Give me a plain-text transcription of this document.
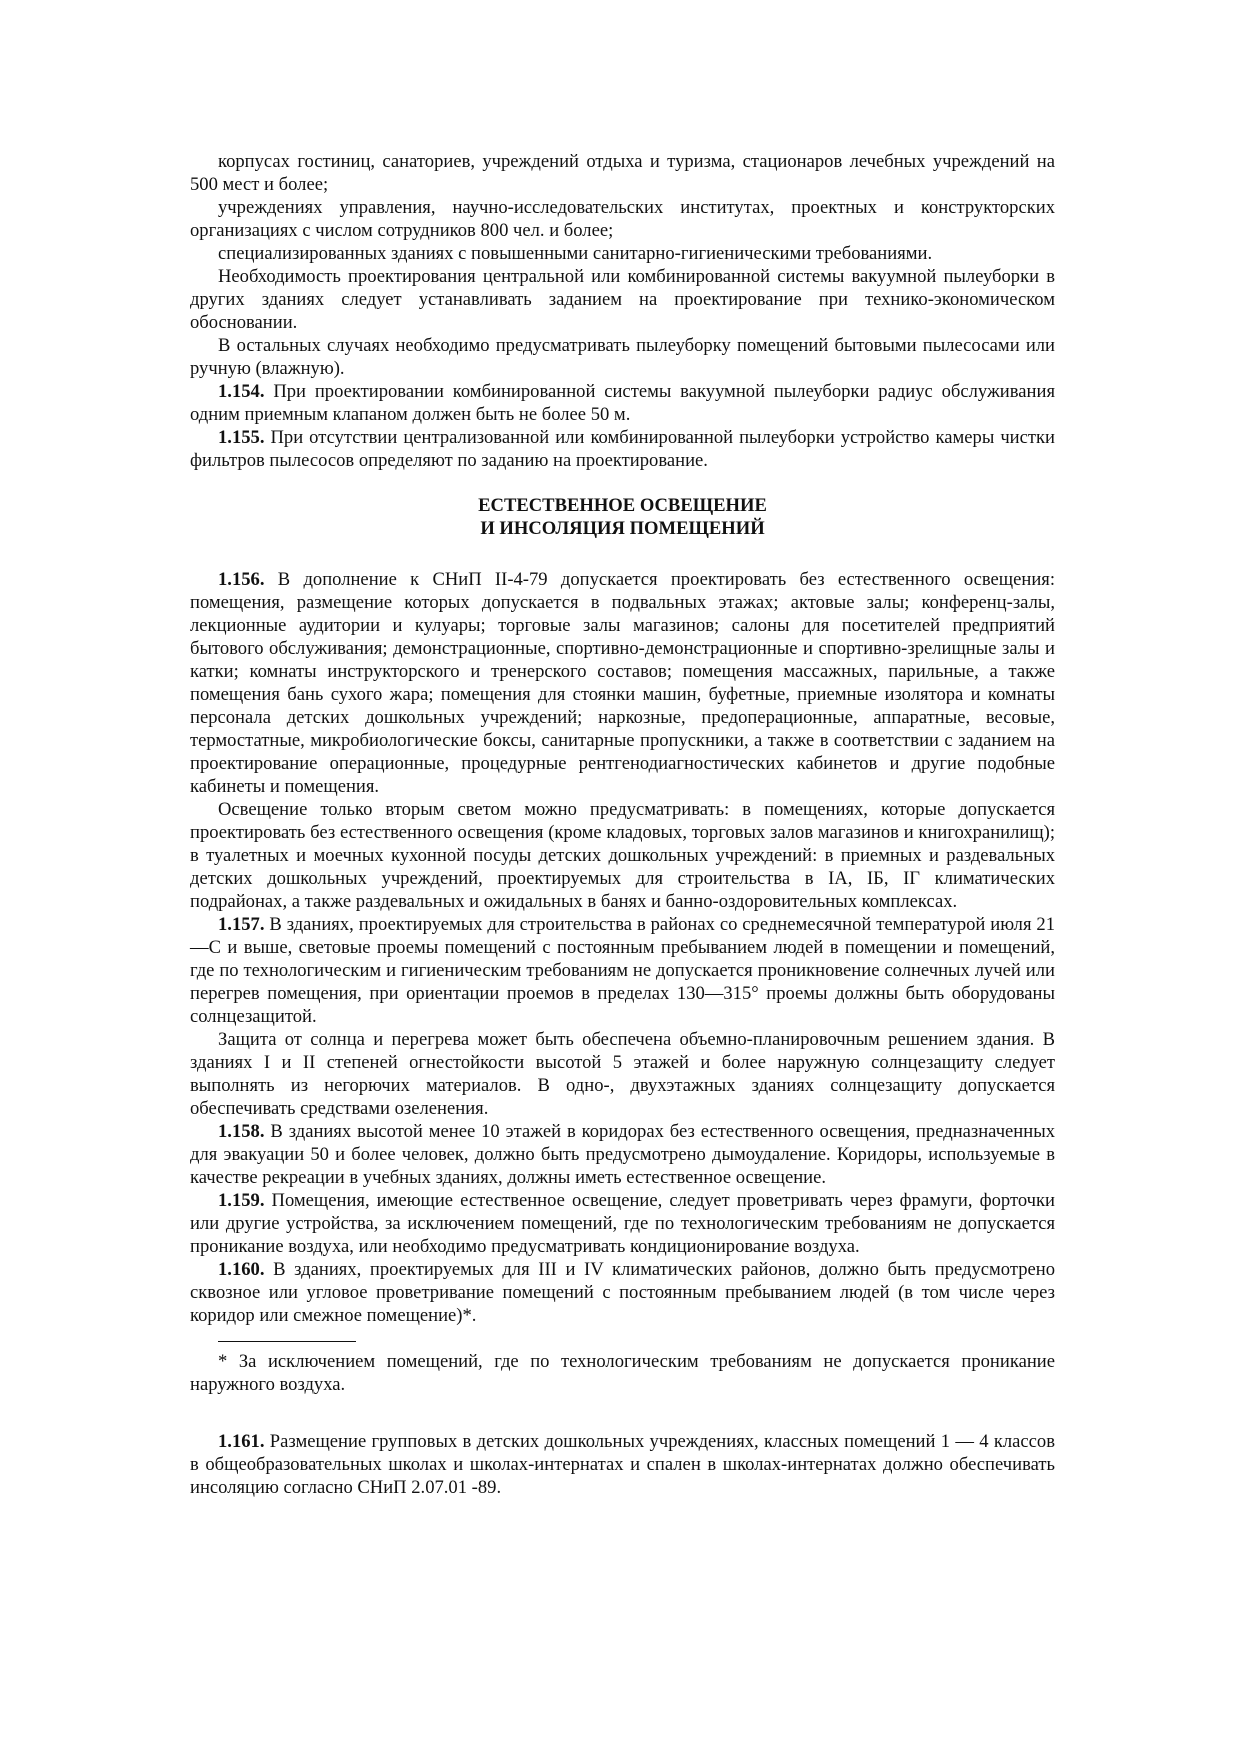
корпусах гостиниц, санаториев, учреждений отдыха и туризма, стационаров лечебных учреждений на 500 мест и более;

учреждениях управления, научно-исследовательских институтах, проектных и конструкторских организациях с числом сотрудников 800 чел. и более;

специализированных зданиях с повышенными санитарно-гигиеническими требованиями.

Необходимость проектирования центральной или комбинированной системы вакуумной пылеуборки в других зданиях следует устанавливать заданием на проектирование при технико-экономическом обосновании.

В остальных случаях необходимо предусматривать пылеуборку помещений бытовыми пылесосами или ручную (влажную).

1.154. При проектировании комбинированной системы вакуумной пылеуборки радиус обслуживания одним приемным клапаном должен быть не более 50 м.

1.155. При отсутствии централизованной или комбинированной пылеуборки устройство камеры чистки фильтров пылесосов определяют по заданию на проектирование.

ЕСТЕСТВЕННОЕ ОСВЕЩЕНИЕ
И ИНСОЛЯЦИЯ ПОМЕЩЕНИЙ

1.156. В дополнение к СНиП II-4-79 допускается проектировать без естественного освещения: помещения, размещение которых допускается в подвальных этажах; актовые залы; конференц-залы, лекционные аудитории и кулуары; торговые залы магазинов; салоны для посетителей предприятий бытового обслуживания; демонстрационные, спортивно-демонстрационные и спортивно-зрелищные залы и катки; комнаты инструкторского и тренерского составов; помещения массажных, парильные, а также помещения бань сухого жара; помещения для стоянки машин, буфетные, приемные изолятора и комнаты персонала детских дошкольных учреждений; наркозные, предоперационные, аппаратные, весовые, термостатные, микробиологические боксы, санитарные пропускники, а также в соответствии с заданием на проектирование операционные, процедурные рентгенодиагностических кабинетов и другие подобные кабинеты и помещения.

Освещение только вторым светом можно предусматривать: в помещениях, которые допускается проектировать без естественного освещения (кроме кладовых, торговых залов магазинов и книгохранилищ); в туалетных и моечных кухонной посуды детских дошкольных учреждений: в приемных и раздевальных детских дошкольных учреждений, проектируемых для строительства в IA, IБ, IГ климатических подрайонах, а также раздевальных и ожидальных в банях и банно-оздоровительных комплексах.

1.157. В зданиях, проектируемых для строительства в районах со среднемесячной температурой июля 21 —С и выше, световые проемы помещений с постоянным пребыванием людей в помещении и помещений, где по технологическим и гигиеническим требованиям не допускается проникновение солнечных лучей или перегрев помещения, при ориентации проемов в пределах 130—315° проемы должны быть оборудованы солнцезащитой.

Защита от солнца и перегрева может быть обеспечена объемно-планировочным решением здания. В зданиях I и II степеней огнестойкости высотой 5 этажей и более наружную солнцезащиту следует выполнять из негорючих материалов. В одно-, двухэтажных зданиях солнцезащиту допускается обеспечивать средствами озеленения.

1.158. В зданиях высотой менее 10 этажей в коридорах без естественного освещения, предназначенных для эвакуации 50 и более человек, должно быть предусмотрено дымоудаление. Коридоры, используемые в качестве рекреации в учебных зданиях, должны иметь естественное освещение.

1.159. Помещения, имеющие естественное освещение, следует проветривать через фрамуги, форточки или другие устройства, за исключением помещений, где по технологическим требованиям не допускается проникание воздуха, или необходимо предусматривать кондиционирование воздуха.

1.160. В зданиях, проектируемых для III и IV климатических районов, должно быть предусмотрено сквозное или угловое проветривание помещений с постоянным пребыванием людей (в том числе через коридор или смежное помещение)*.

* За исключением помещений, где по технологическим требованиям не допускается проникание наружного воздуха.

1.161. Размещение групповых в детских дошкольных учреждениях, классных помещений 1 — 4 классов в общеобразовательных школах и школах-интернатах и спален в школах-интернатах должно обеспечивать инсоляцию согласно СНиП 2.07.01 -89.
